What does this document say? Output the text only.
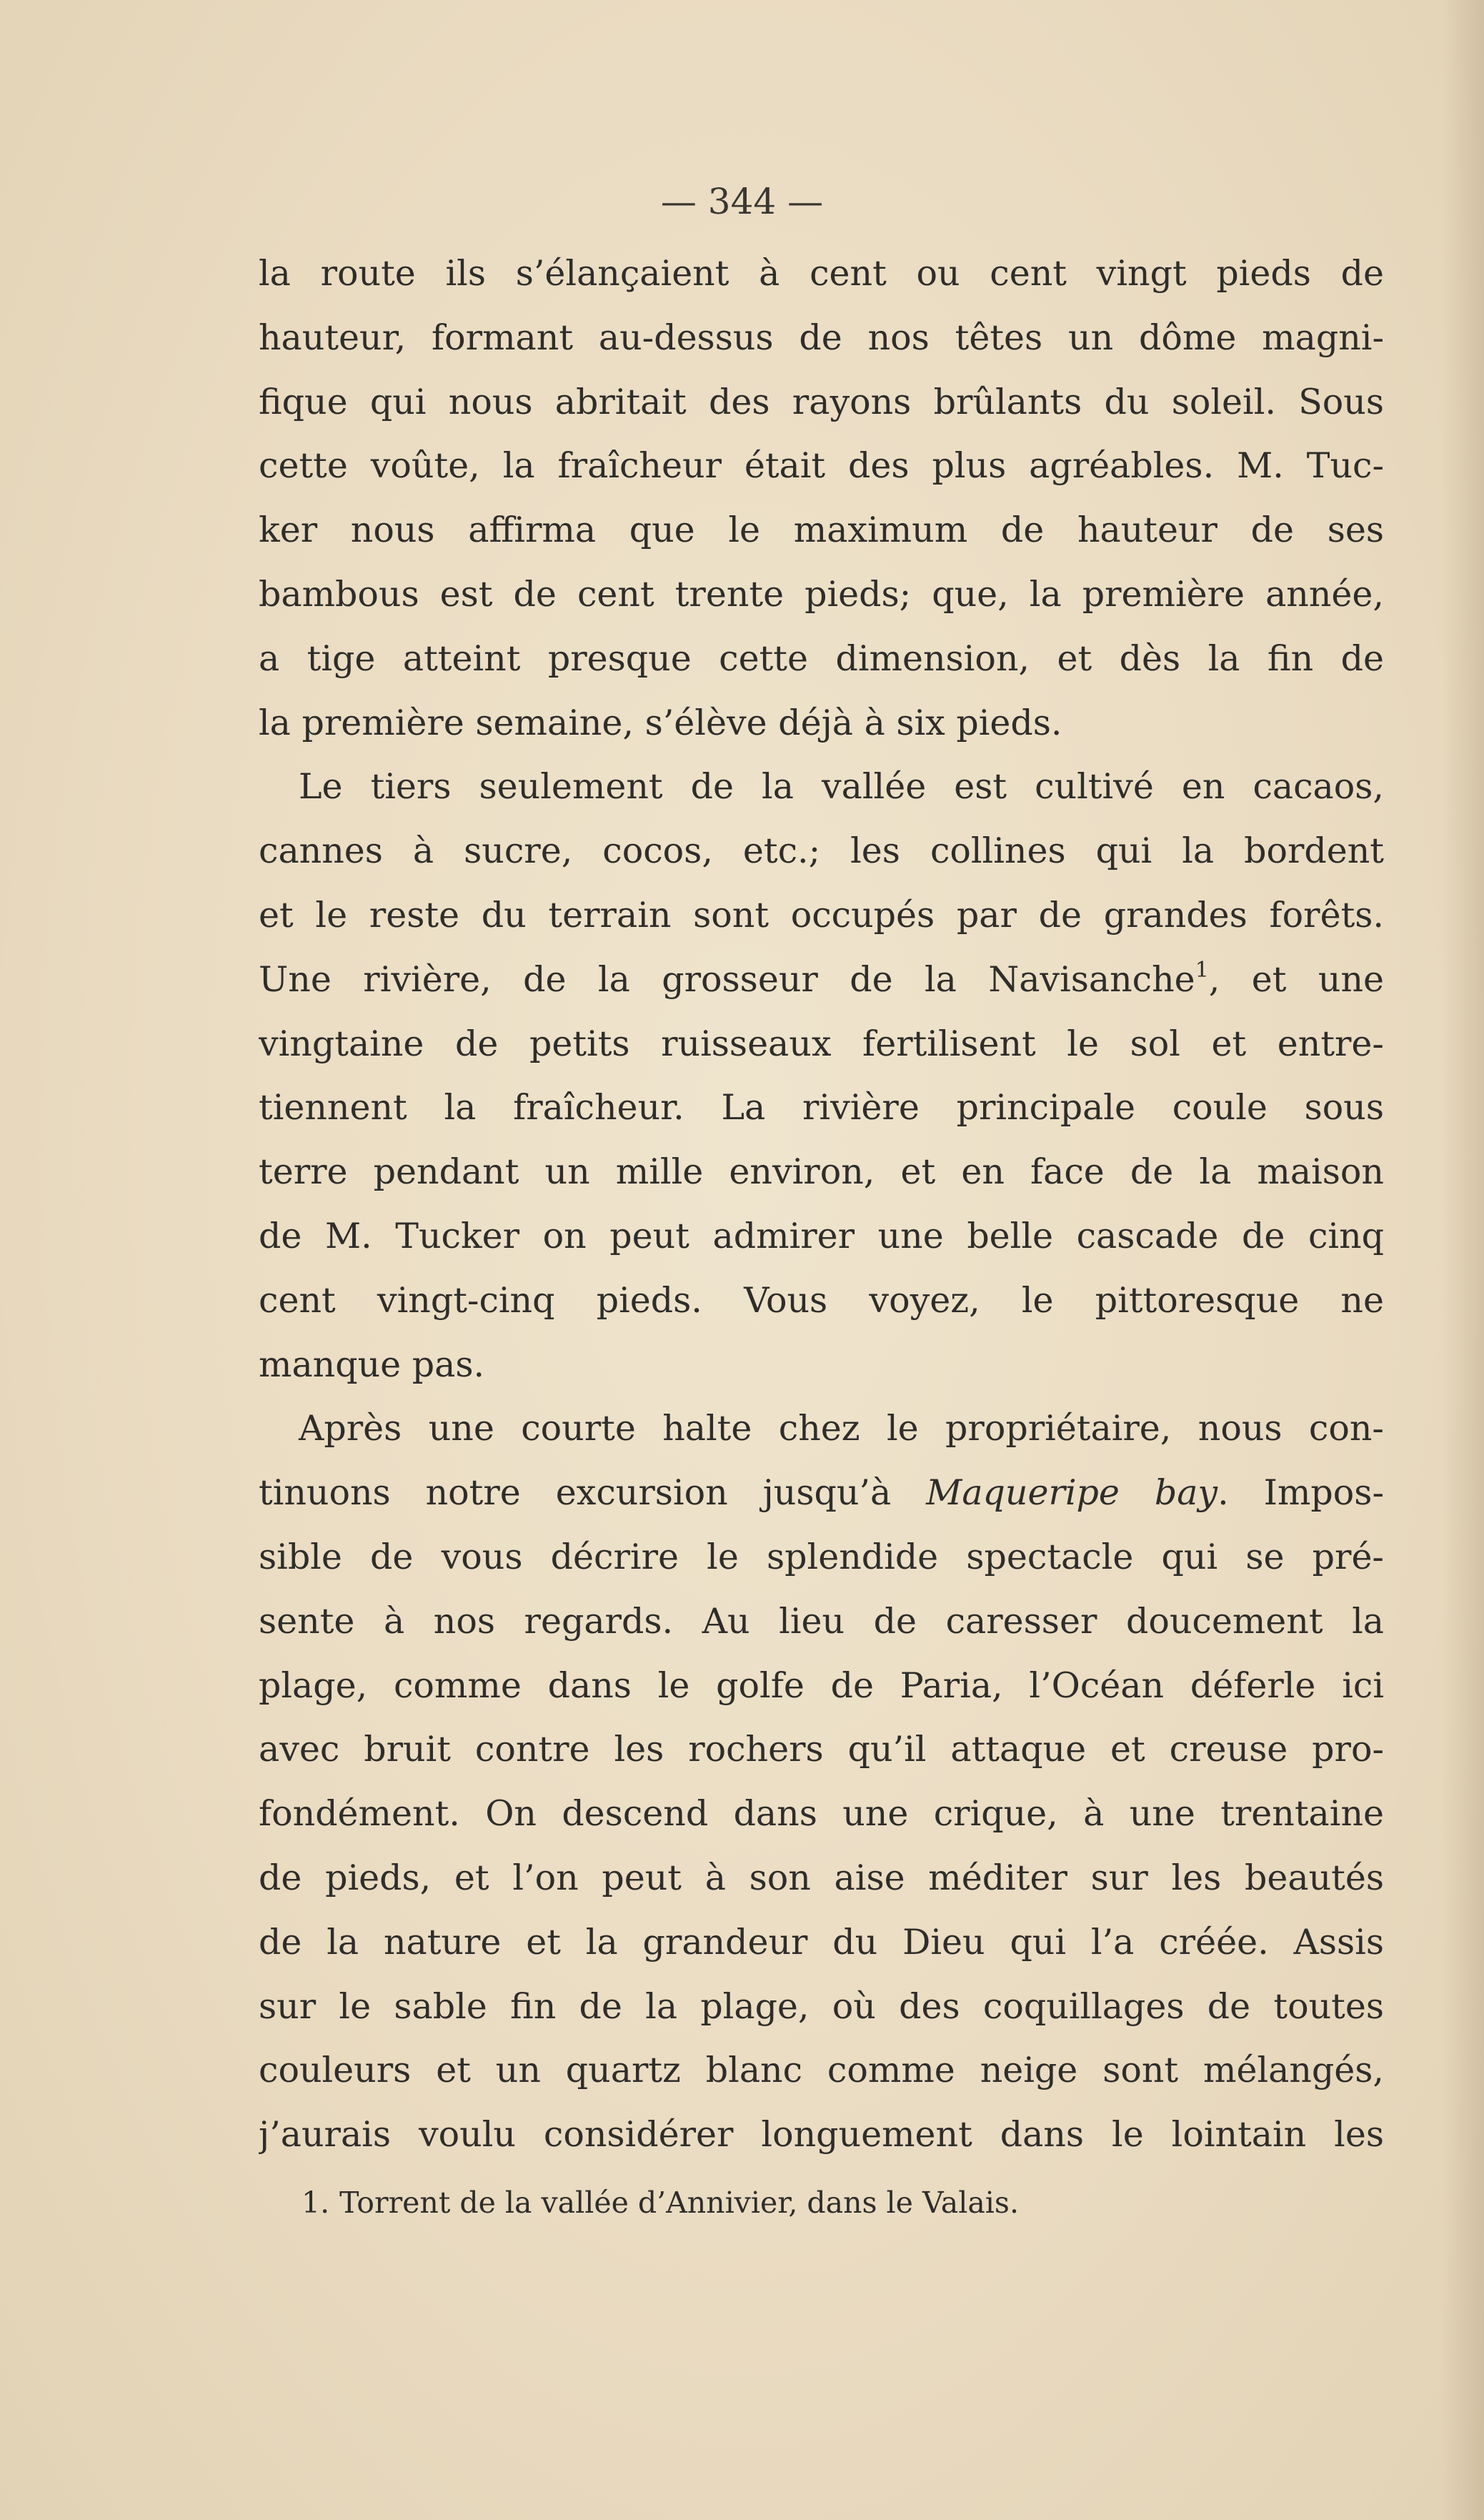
— 344 —
la route ils s’élançaient à cent ou cent vingt pieds de
hauteur, formant au-dessus de nos têtes un dôme magni-
fique qui nous abritait des rayons brûlants du soleil. Sous
cette voûte, la fraîcheur était des plus agréables. M. Tuc-
ker nous affirma que le maximum de hauteur de ses
bambous est de cent trente pieds; que, la première année,
a tige atteint presque cette dimension, et dès la fin de
la première semaine, s’élève déjà à six pieds.
Le tiers seulement de la vallée est cultivé en cacaos,
cannes à sucre, cocos, etc.; les collines qui la bordent
et le reste du terrain sont occupés par de grandes forêts.
Une rivière, de la grosseur de la Navisanche$^1$, et une
vingtaine de petits ruisseaux fertilisent le sol et entre-
tiennent la fraîcheur. La rivière principale coule sous
terre pendant un mille environ, et en face de la maison
de M. Tucker on peut admirer une belle cascade de cinq
cent vingt-cinq pieds. Vous voyez, le pittoresque ne
manque pas.
Après une courte halte chez le propriétaire, nous con-
tinuons notre excursion jusqu’à Maqueripe bay. Impos-
sible de vous décrire le splendide spectacle qui se pré-
sente à nos regards. Au lieu de caresser doucement la
plage, comme dans le golfe de Paria, l’Océan déferle ici
avec bruit contre les rochers qu’il attaque et creuse pro-
fondément. On descend dans une crique, à une trentaine
de pieds, et l’on peut à son aise méditer sur les beautés
de la nature et la grandeur du Dieu qui l’a créée. Assis
sur le sable fin de la plage, où des coquillages de toutes
couleurs et un quartz blanc comme neige sont mélangés,
j’aurais voulu considérer longuement dans le lointain les
1. Torrent de la vallée d’Annivier, dans le Valais.
